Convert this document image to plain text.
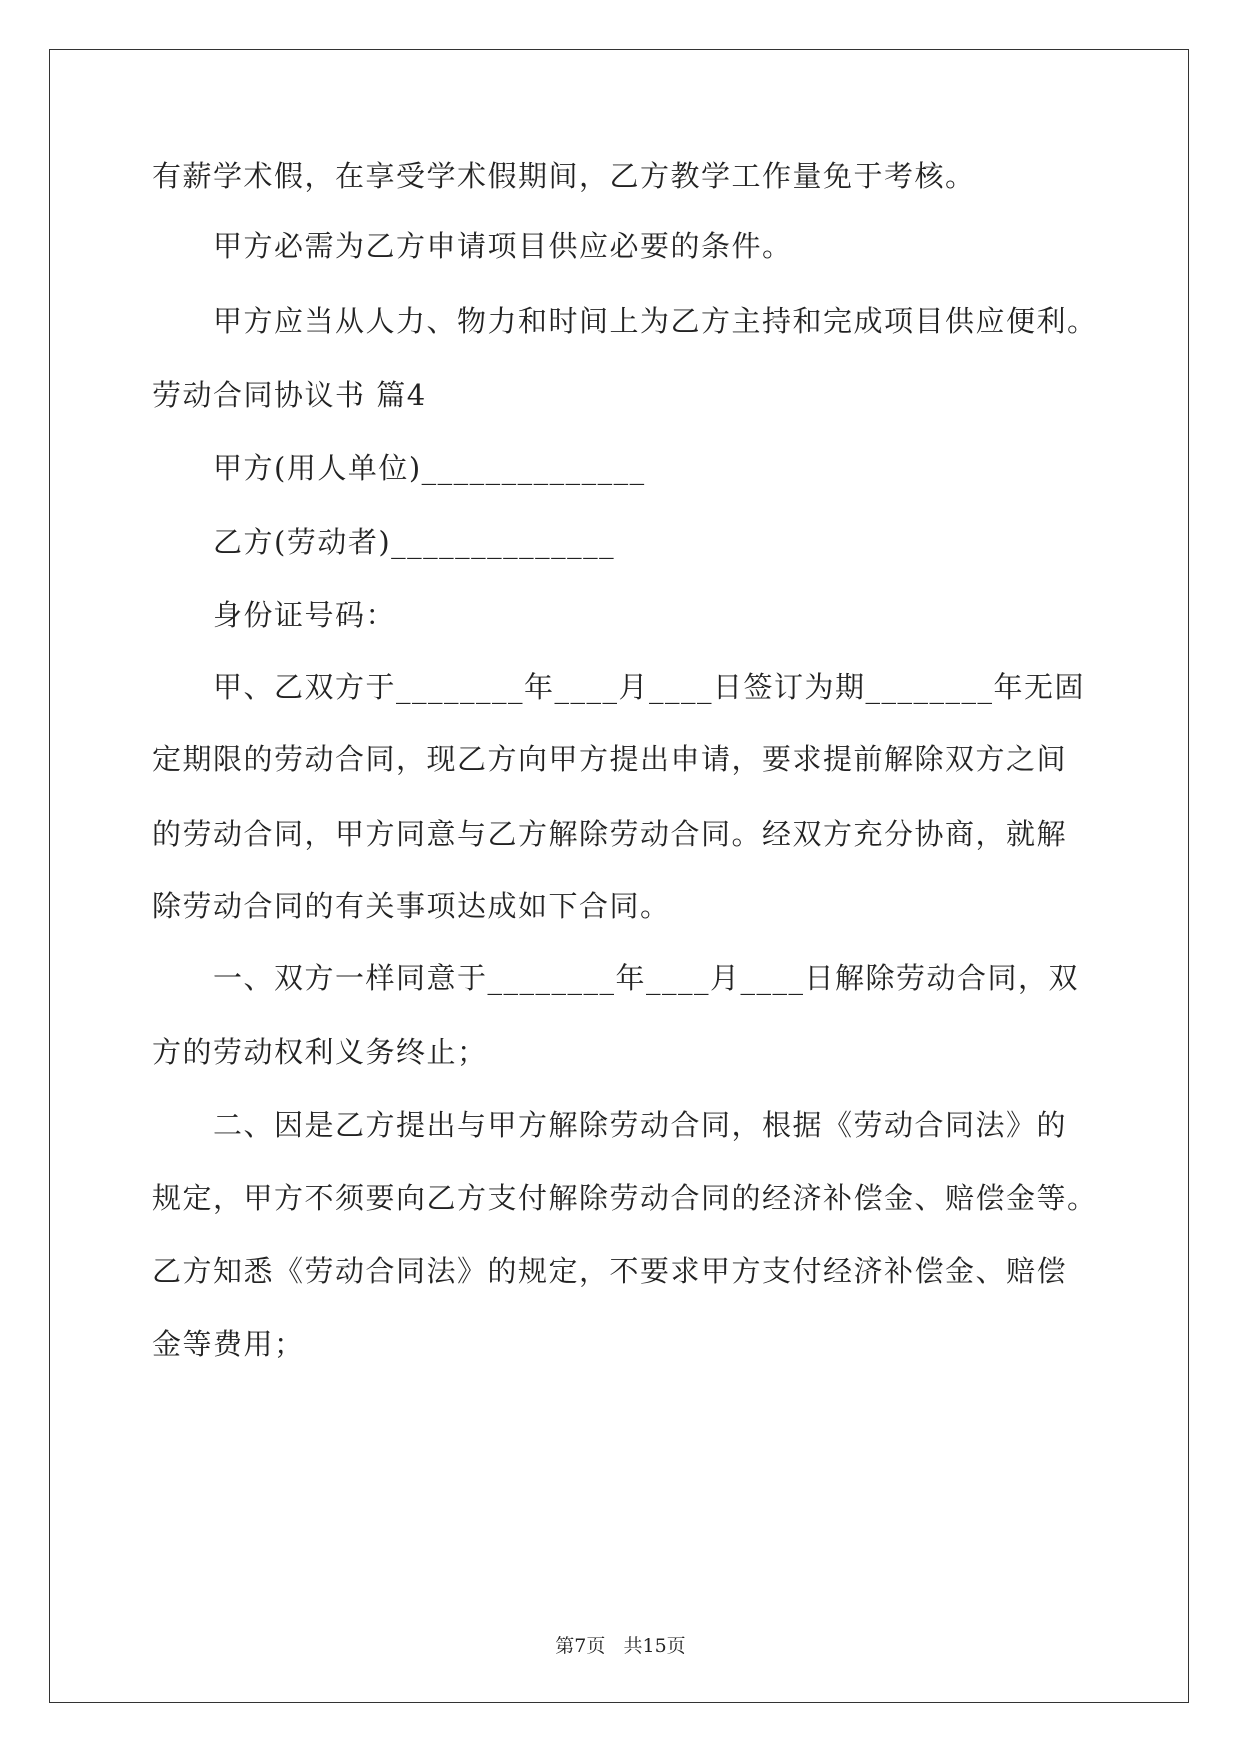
有薪学术假，在享受学术假期间，乙方教学工作量免于考核。
甲方必需为乙方申请项目供应必要的条件。
甲方应当从人力、物力和时间上为乙方主持和完成项目供应便利。
劳动合同协议书 篇4
甲方(用人单位)______________
乙方(劳动者)______________
身份证号码：
甲、乙双方于________年____月____日签订为期________年无固
定期限的劳动合同，现乙方向甲方提出申请，要求提前解除双方之间
的劳动合同，甲方同意与乙方解除劳动合同。经双方充分协商，就解
除劳动合同的有关事项达成如下合同。
一、双方一样同意于________年____月____日解除劳动合同，双
方的劳动权利义务终止；
二、因是乙方提出与甲方解除劳动合同，根据《劳动合同法》的
规定，甲方不须要向乙方支付解除劳动合同的经济补偿金、赔偿金等。
乙方知悉《劳动合同法》的规定，不要求甲方支付经济补偿金、赔偿
金等费用；
第7页   共15页
